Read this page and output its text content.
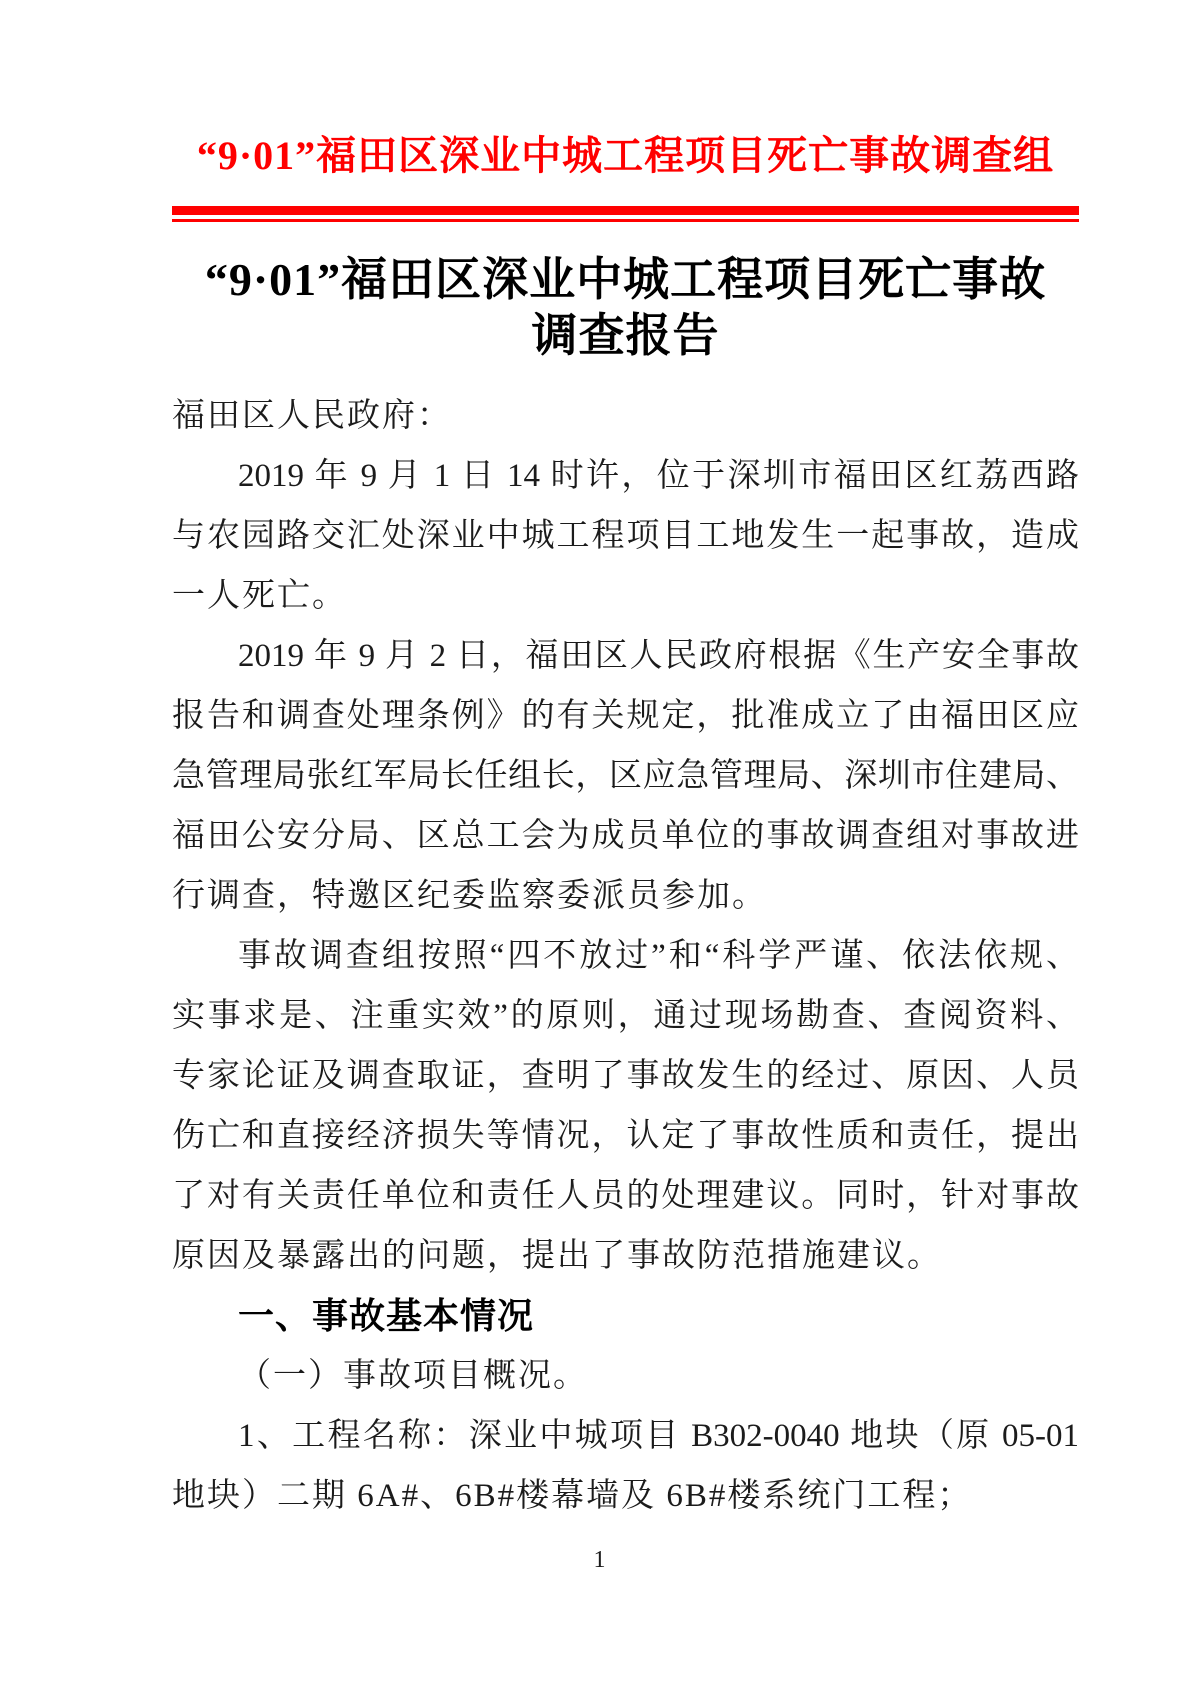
“9·01”福田区深业中城工程项目死亡事故调查组
“9·01”福田区深业中城工程项目死亡事故
调查报告
福田区人民政府：
2019 年 9 月 1 日 14 时许，位于深圳市福田区红荔西路
与农园路交汇处深业中城工程项目工地发生一起事故，造成
一人死亡。
2019 年 9 月 2 日，福田区人民政府根据《生产安全事故
报告和调查处理条例》的有关规定，批准成立了由福田区应
急管理局张红军局长任组长，区应急管理局、深圳市住建局、
福田公安分局、区总工会为成员单位的事故调查组对事故进
行调查，特邀区纪委监察委派员参加。
事故调查组按照“四不放过”和“科学严谨、依法依规、
实事求是、注重实效”的原则，通过现场勘查、查阅资料、
专家论证及调查取证，查明了事故发生的经过、原因、人员
伤亡和直接经济损失等情况，认定了事故性质和责任，提出
了对有关责任单位和责任人员的处理建议。同时，针对事故
原因及暴露出的问题，提出了事故防范措施建议。
一、事故基本情况
（一）事故项目概况。
1、工程名称：深业中城项目 B302-0040 地块（原 05-01
地块）二期 6A#、6B#楼幕墙及 6B#楼系统门工程；
1
